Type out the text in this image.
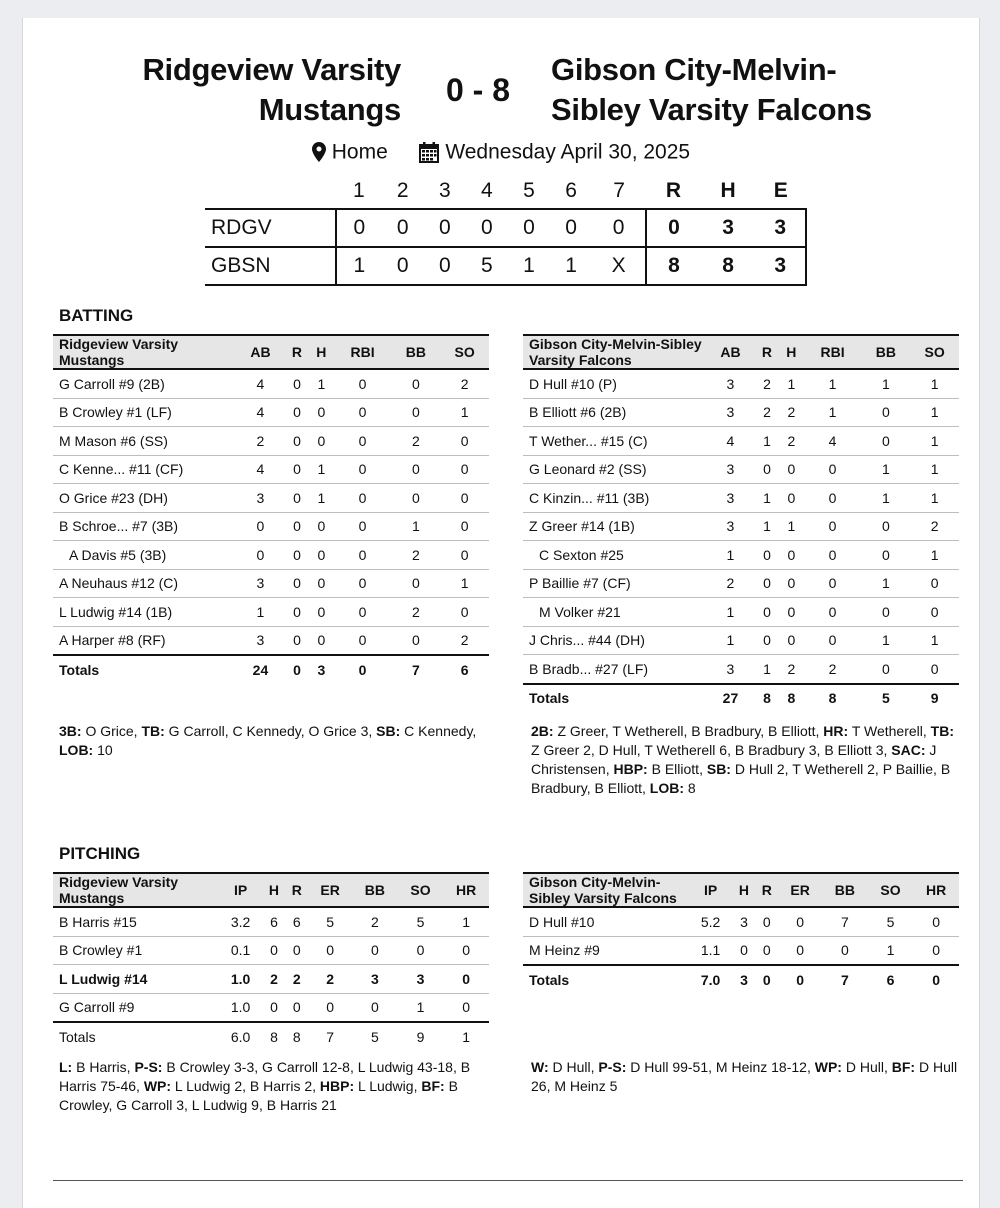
Ridgeview Varsity
Mustangs
0 - 8
Gibson City-Melvin-
Sibley Varsity Falcons
Home	Wednesday April 30, 2025
	1	2	3	4	5	6	7	R	H	E
RDGV	0	0	0	0	0	0	0	0	3	3
GBSN	1	0	0	5	1	1	X	8	8	3
BATTING
Ridgeview Varsity Mustangs	AB	R	H	RBI	BB	SO
G Carroll #9 (2B)	4	0	1	0	0	2
B Crowley #1 (LF)	4	0	0	0	0	1
M Mason #6 (SS)	2	0	0	0	2	0
C Kenne... #11 (CF)	4	0	1	0	0	0
O Grice #23 (DH)	3	0	1	0	0	0
B Schroe... #7 (3B)	0	0	0	0	1	0
A Davis #5 (3B)	0	0	0	0	2	0
A Neuhaus #12 (C)	3	0	0	0	0	1
L Ludwig #14 (1B)	1	0	0	0	2	0
A Harper #8 (RF)	3	0	0	0	0	2
Totals	24	0	3	0	7	6
Gibson City-Melvin-Sibley Varsity Falcons	AB	R	H	RBI	BB	SO
D Hull #10 (P)	3	2	1	1	1	1
B Elliott #6 (2B)	3	2	2	1	0	1
T Wether... #15 (C)	4	1	2	4	0	1
G Leonard #2 (SS)	3	0	0	0	1	1
C Kinzin... #11 (3B)	3	1	0	0	1	1
Z Greer #14 (1B)	3	1	1	0	0	2
C Sexton #25	1	0	0	0	0	1
P Baillie #7 (CF)	2	0	0	0	1	0
M Volker #21	1	0	0	0	0	0
J Chris... #44 (DH)	1	0	0	0	1	1
B Bradb... #27 (LF)	3	1	2	2	0	0
Totals	27	8	8	8	5	9
3B: O Grice, TB: G Carroll, C Kennedy, O Grice 3, SB: C Kennedy, LOB: 10
2B: Z Greer, T Wetherell, B Bradbury, B Elliott, HR: T Wetherell, TB: Z Greer 2, D Hull, T Wetherell 6, B Bradbury 3, B Elliott 3, SAC: J Christensen, HBP: B Elliott, SB: D Hull 2, T Wetherell 2, P Baillie, B Bradbury, B Elliott, LOB: 8
PITCHING
Ridgeview Varsity Mustangs	IP	H	R	ER	BB	SO	HR
B Harris #15	3.2	6	6	5	2	5	1
B Crowley #1	0.1	0	0	0	0	0	0
L Ludwig #14	1.0	2	2	2	3	3	0
G Carroll #9	1.0	0	0	0	0	1	0
Totals	6.0	8	8	7	5	9	1
Gibson City-Melvin-Sibley Varsity Falcons	IP	H	R	ER	BB	SO	HR
D Hull #10	5.2	3	0	0	7	5	0
M Heinz #9	1.1	0	0	0	0	1	0
Totals	7.0	3	0	0	7	6	0
L: B Harris, P-S: B Crowley 3-3, G Carroll 12-8, L Ludwig 43-18, B Harris 75-46, WP: L Ludwig 2, B Harris 2, HBP: L Ludwig, BF: B Crowley, G Carroll 3, L Ludwig 9, B Harris 21
W: D Hull, P-S: D Hull 99-51, M Heinz 18-12, WP: D Hull, BF: D Hull 26, M Heinz 5
